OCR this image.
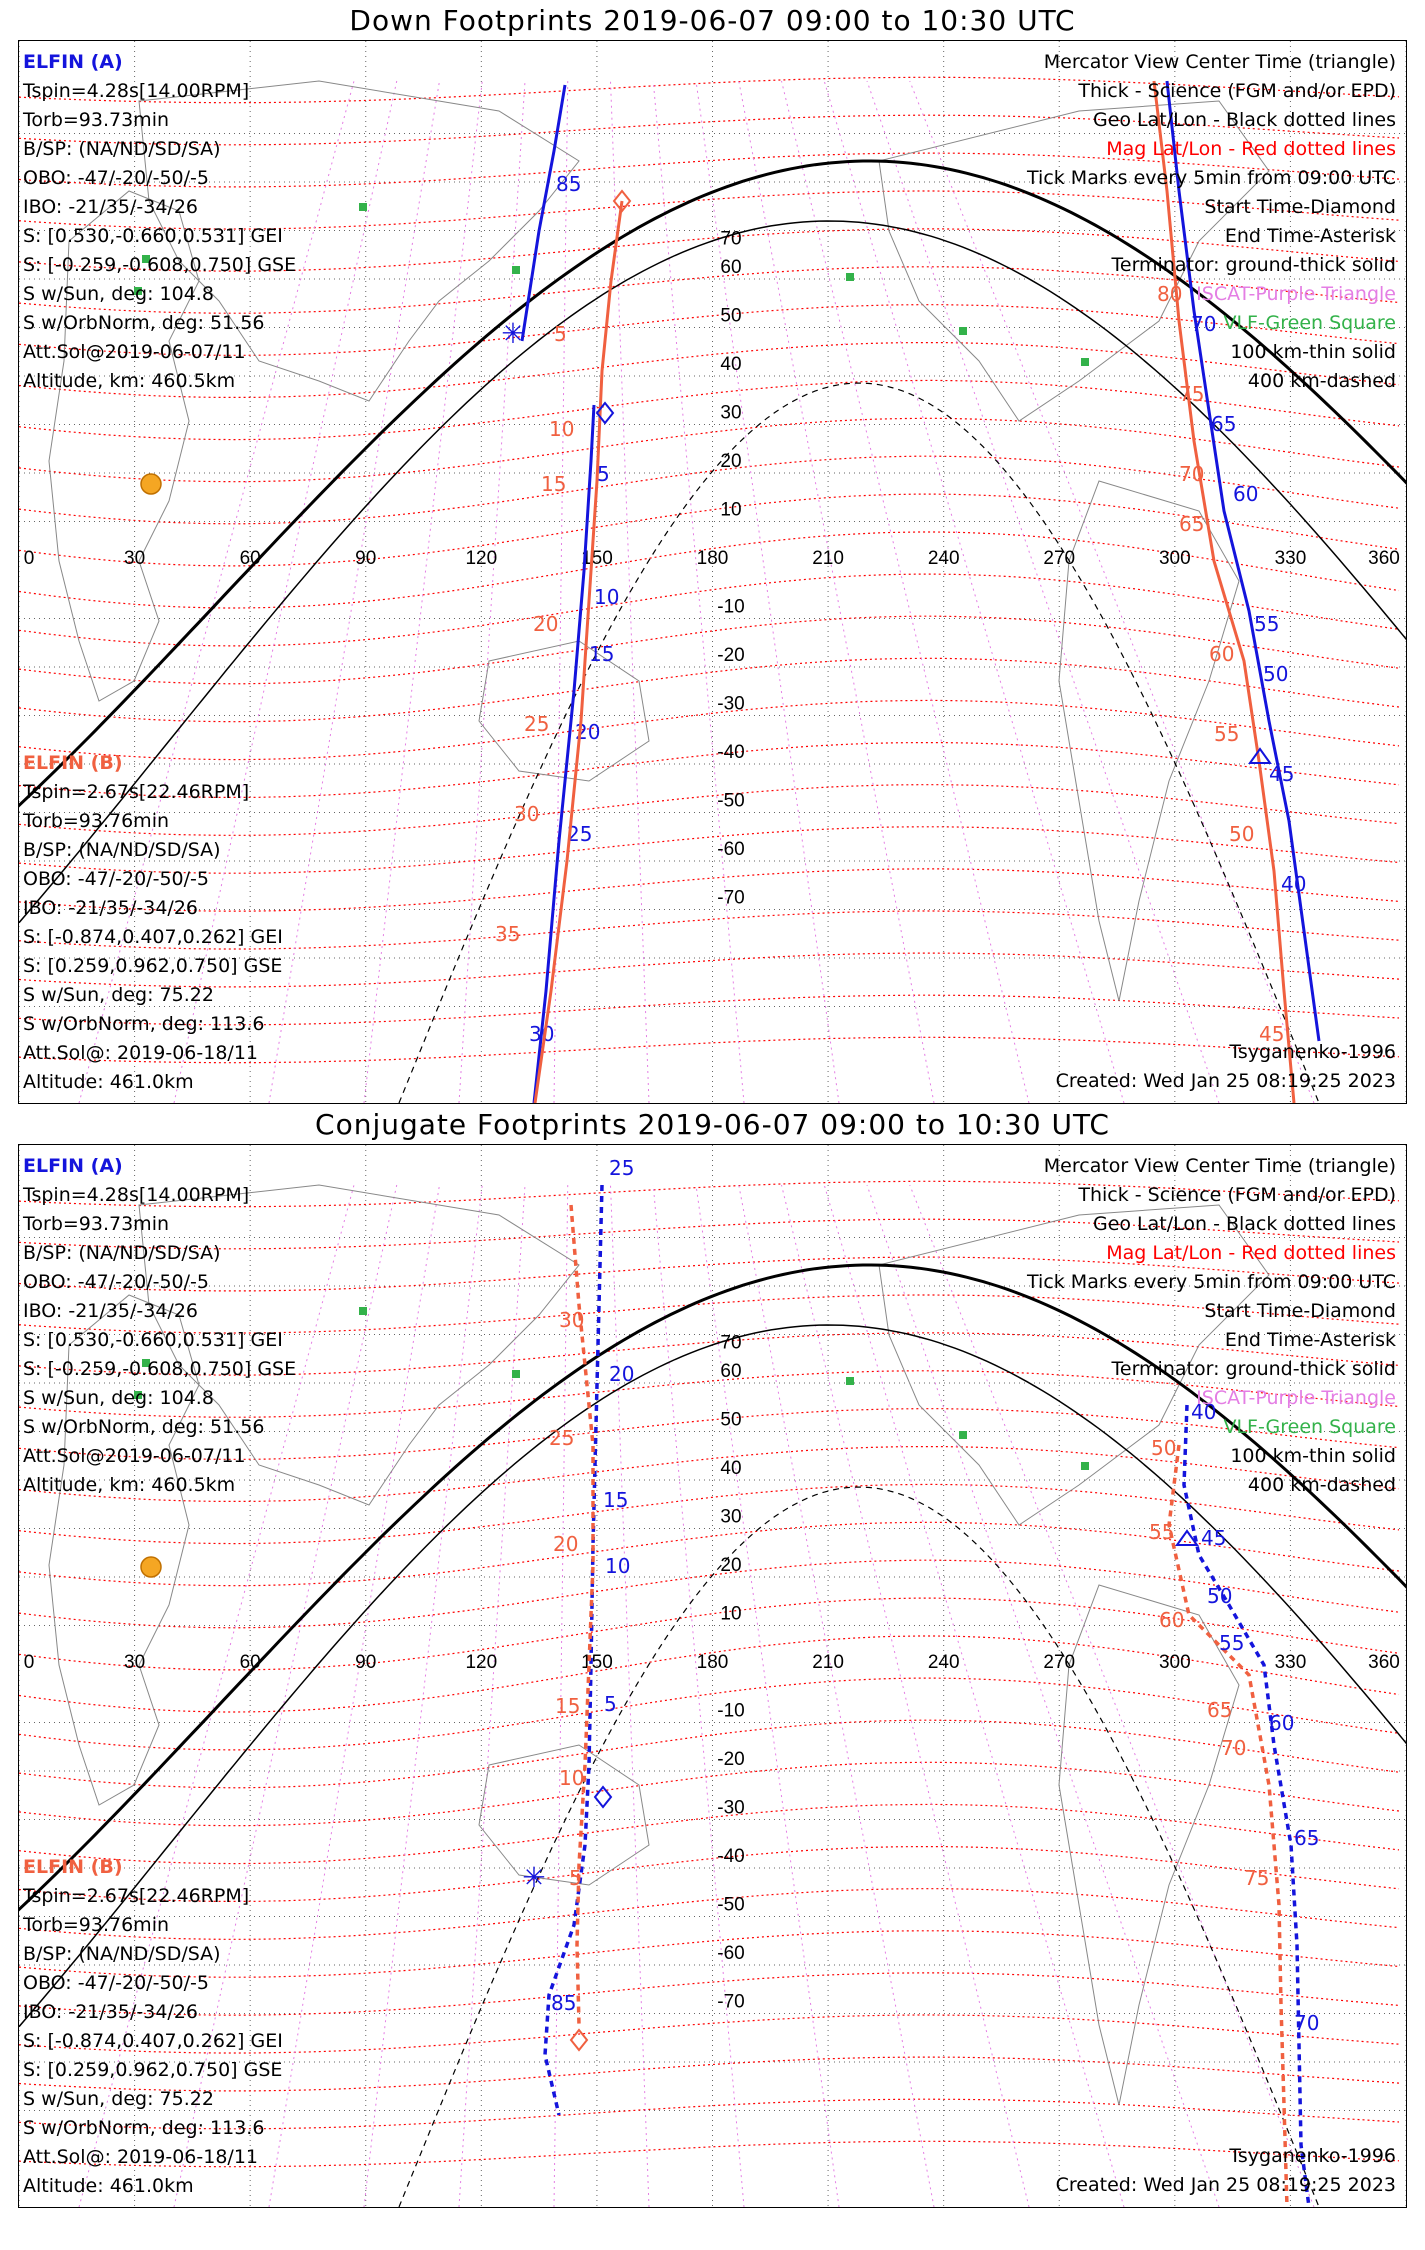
Down Footprints 2019-06-07 09:00 to 10:30 UTC
0	30	60	90	120	150	180	210	240	270	300	330	360
70
60
50
40
30
20
10
-10
-20
-30
-40
-50
-60
-70
85
5
10
15
20
25
30
5
10
15
20
25
30
35
✳	70
65
60
55
50
45
40
80
75
70
65
60
55
50
45
ELFIN (A)
Tspin=4.28s[14.00RPM]
Torb=93.73min
B/SP: (NA/ND/SD/SA)
OBO: -47/-20/-50/-5
IBO: -21/35/-34/26
S: [0.530,-0.660,0.531] GEI
S: [-0.259,-0.608,0.750] GSE
S w/Sun, deg: 104.8
S w/OrbNorm, deg: 51.56
Att.Sol@2019-06-07/11
Altitude, km: 460.5km
ELFIN (B)
Tspin=2.67s[22.46RPM]
Torb=93.76min
B/SP: (NA/ND/SD/SA)
OBO: -47/-20/-50/-5
IBO: -21/35/-34/26
S: [-0.874,0.407,0.262] GEI
S: [0.259,0.962,0.750] GSE
S w/Sun, deg: 75.22
S w/OrbNorm, deg: 113.6
Att.Sol@: 2019-06-18/11
Altitude: 461.0km
Mercator View Center Time (triangle)
Thick - Science (FGM and/or EPD)
Geo Lat/Lon - Black dotted lines
Mag Lat/Lon - Red dotted lines
Tick Marks every 5min from 09:00 UTC
Start Time-Diamond
End Time-Asterisk
Terminator: ground-thick solid
ISCAT-Purple Triangle
VLF-Green Square
100 km-thin solid
400 km-dashed
Tsyganenko-1996
Created: Wed Jan 25 08:19:25 2023
Conjugate Footprints 2019-06-07 09:00 to 10:30 UTC
0	30	60	90	120	150	180	210	240	270	300	330	360
70
60
50
40
30
20
10
-10
-20
-30
-40
-50
-60
-70
25
20
15
10
5
85
30
25
20
15
10
5
✳
40
45
50
55
60
65
70
50
55
60
65
70
75
ELFIN (A)
Tspin=4.28s[14.00RPM]
Torb=93.73min
B/SP: (NA/ND/SD/SA)
OBO: -47/-20/-50/-5
IBO: -21/35/-34/26
S: [0.530,-0.660,0.531] GEI
S: [-0.259,-0.608,0.750] GSE
S w/Sun, deg: 104.8
S w/OrbNorm, deg: 51.56
Att.Sol@2019-06-07/11
Altitude, km: 460.5km
ELFIN (B)
Tspin=2.67s[22.46RPM]
Torb=93.76min
B/SP: (NA/ND/SD/SA)
OBO: -47/-20/-50/-5
IBO: -21/35/-34/26
S: [-0.874,0.407,0.262] GEI
S: [0.259,0.962,0.750] GSE
S w/Sun, deg: 75.22
S w/OrbNorm, deg: 113.6
Att.Sol@: 2019-06-18/11
Altitude: 461.0km
Mercator View Center Time (triangle)
Thick - Science (FGM and/or EPD)
Geo Lat/Lon - Black dotted lines
Mag Lat/Lon - Red dotted lines
Tick Marks every 5min from 09:00 UTC
Start Time-Diamond
End Time-Asterisk
Terminator: ground-thick solid
ISCAT-Purple Triangle
VLF-Green Square
100 km-thin solid
400 km-dashed
Tsyganenko-1996
Created: Wed Jan 25 08:19:25 2023
